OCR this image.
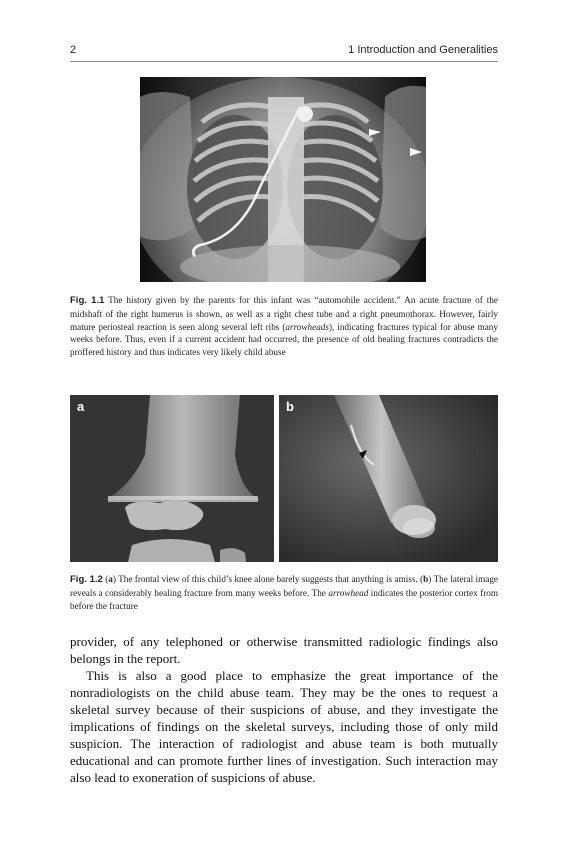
2	1 Introduction and Generalities
Fig. 1.1 The history given by the parents for this infant was “automobile accident.” An acute fracture of the midshaft of the right humerus is shown, as well as a right chest tube and a right pneumothorax. However, fairly mature periosteal reaction is seen along several left ribs (arrowheads), indicating fractures typical for abuse many weeks before. Thus, even if a current accident had occurred, the presence of old healing fractures contradicts the proffered history and thus indicates very likely child abuse
a	b
Fig. 1.2 (a) The frontal view of this child’s knee alone barely suggests that anything is amiss. (b) The lateral image reveals a considerably healing fracture from many weeks before. The arrowhead indicates the posterior cortex from before the fracture

provider, of any telephoned or otherwise transmitted radiologic findings also belongs in the report.

This is also a good place to emphasize the great importance of the nonradiologists on the child abuse team. They may be the ones to request a skeletal survey because of their suspicions of abuse, and they investigate the implications of findings on the skeletal surveys, including those of only mild suspicion. The interaction of radiologist and abuse team is both mutually educational and can promote further lines of investigation. Such interaction may also lead to exoneration of suspicions of abuse.
